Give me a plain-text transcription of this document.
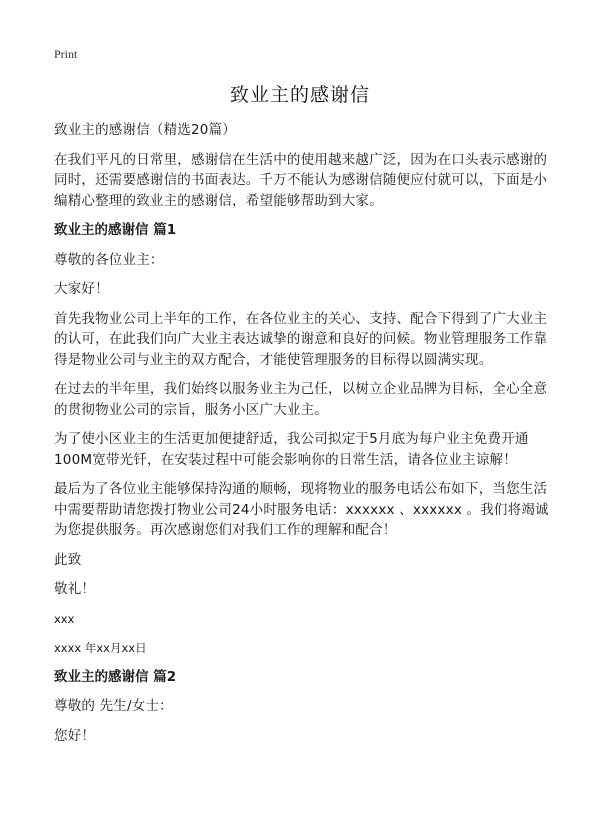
Print
致业主的感谢信

致业主的感谢信（精选20篇）

在我们平凡的日常里，感谢信在生活中的使用越来越广泛，因为在口头表示感谢的同时，还需要感谢信的书面表达。千万不能认为感谢信随便应付就可以，下面是小编精心整理的致业主的感谢信，希望能够帮助到大家。

致业主的感谢信 篇1

尊敬的各位业主：

大家好！

首先我物业公司上半年的工作，在各位业主的关心、支持、配合下得到了广大业主的认可，在此我们向广大业主表达诚挚的谢意和良好的问候。物业管理服务工作靠得是物业公司与业主的双方配合，才能使管理服务的目标得以圆满实现。

在过去的半年里，我们始终以服务业主为己任，以树立企业品牌为目标，全心全意的贯彻物业公司的宗旨，服务小区广大业主。

为了使小区业主的生活更加便捷舒适，我公司拟定于5月底为每户业主免费开通100M宽带光钎，在安装过程中可能会影响你的日常生活，请各位业主谅解！

最后为了各位业主能够保持沟通的顺畅，现将物业的服务电话公布如下，当您生活中需要帮助请您拨打物业公司24小时服务电话：xxxxxx 、xxxxxx 。我们将竭诚为您提供服务。再次感谢您们对我们工作的理解和配合！

此致

敬礼！

xxx

xxxx 年xx月xx日

致业主的感谢信 篇2

尊敬的 先生/女士：

您好！
